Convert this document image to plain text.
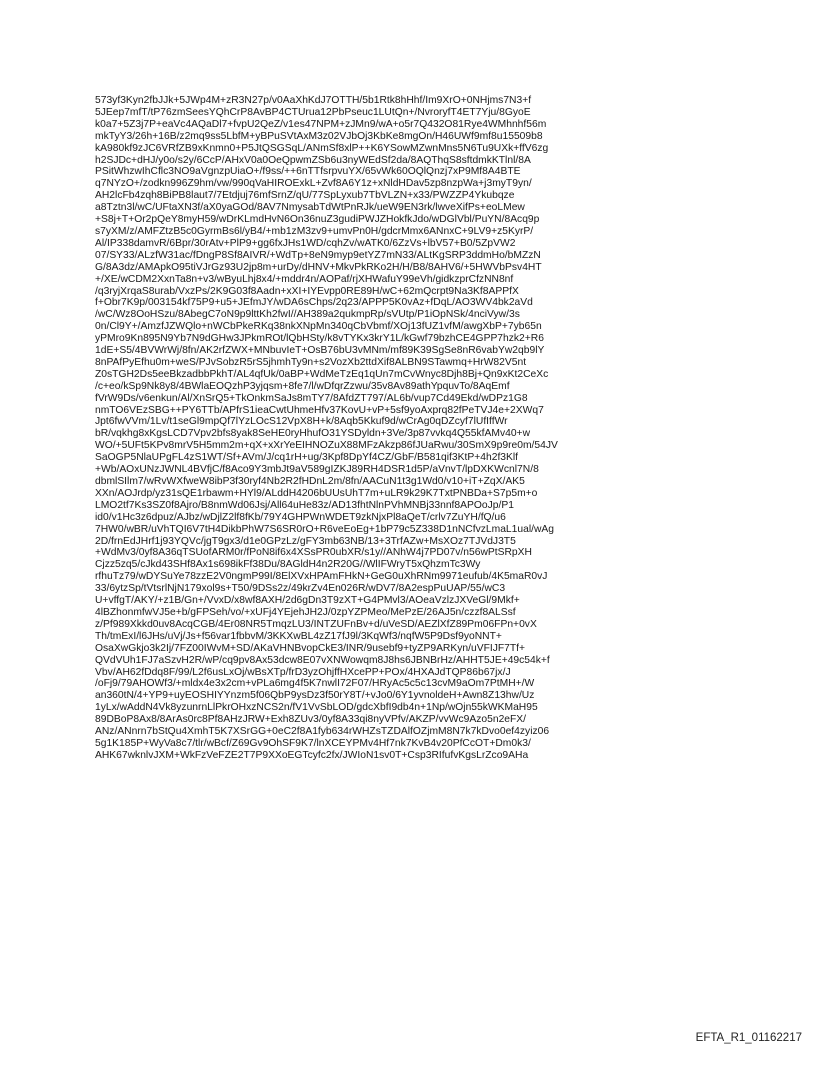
573yf3Kyn2fbJJk+5JWp4M+zR3N27p/v0AaXhKdJ7OTTH/5b1Rtk8hHhf/Im9XrO+0NHjms7N3+f
5JEep7mfT/tP76zmSeesYQhCrP8AvBP4CTUrua12PbPseuc1LUtQn+/NvroryfT4ET7Yju/8GyoE
k0a7+5Z3j7P+eaVc4AQaDl7+fvpU2QeZ/v1es47NPM+zJMn9/wA+o5r7Q432O81Rye4WMhnhf56m
mkTyY3/26h+16B/z2mq9ss5LbfM+yBPuSVtAxM3z02VJbOj3KbKe8mgOn/H46UWf9mf8u15509b8
kA980kf9zJC6VRfZB9xKnmn0+P5JtQSGSqL/ANmSf8xlP++K6YSowMZwnMns5N6Tu9UXk+ffV6zg
h2SJDc+dHJ/y0o/s2y/6CcP/AHxV0a0OeQpwmZSb6u3nyWEdSf2da/8AQThqS8sftdmkKTlnl/8A
PSitWhzwIhCflc3NO9aVgnzpUiaO+/f9ss/++6nTTfsrpvuYX/65vWk60OQlQnzj7xP9Mf8A4BTE
q7NYzO+/zodkn996Z9hm/vw/990qVaHIROExkL+Zvf8A6Y1z+xNldHDav5zp8nzpWa+j3myT9yn/
AH2lcFb4zqh8BiPB8laut7/7Etdjuj76mfSrnZ/qU/77SpLyxub7TbVLZN+x33/PWZZP4Ykubqze
a8Tztn3l/wC/UFtaXN3f/aX0yaGOd/8AV7NmysabTdWtPnRJk/ueW9EN3rk/lwveXifPs+eoLMew
+S8j+T+Or2pQeY8myH59/wDrKLmdHvN6On36nuZ3gudiPWJZHokfkJdo/wDGlVbl/PuYN/8Acq9p
s7yXM/z/AMFZtzB5c0GyrmBs6l/yB4/+mb1zM3zv9+umvPn0H/gdcrMmx6ANnxC+9LV9+z5KyrP/
Al/IP338damvR/6Bpr/30rAtv+PlP9+gg6fxJHs1WD/cqhZv/wATK0/6ZzVs+lbV57+B0/5ZpVW2
07/SY33/ALzfW31ac/fDngP8Sf8AIVR/+WdTp+8eN9myp9etYZ7mN33/ALtKgSRP3ddmHo/bMZzN
G/8A3dz/AMApkO95tiVJrGz93U2jp8m+urDy/dHNV+MkvPkRKo2H/H/B8/8AHV6/+5HWVbPsv4HT
+/XE/wCDM2XxnTa8n+v3/wByuLhj8x4/+mddr4n/AOPaf/rjXHWafuY99eVh/gidkzprCfzNN8nf
/q3ryjXrqaS8urab/VxzPs/2K9G03f8Aadn+xXI+IYEvpp0RE89H/wC+62mQcrpt9Na3Kf8APPfX
f+Obr7K9p/003154kf75P9+u5+JEfmJY/wDA6sChps/2q23/APPP5K0vAz+fDqL/AO3WV4bk2aVd
/wC/Wz8OoHSzu/8AbegC7oN9p9lttKh2fwI//AH389a2qukmpRp/sVUtp/P1iOpNSk/4nciVyw/3s
0n/Cl9Y+/AmzfJZWQlo+nWCbPkeRKq38nkXNpMn340qCbVbmf/XOj13fUZ1vfM/awgXbP+7yb65n
yPMro9Kn895N9Yb7N9dGHw3JPkmROt/lQbHSty/k8vTYKx3krY1L/kGwf79bzhCE4GPP7hzk2+R6
1dE+S5/4BVWrWj/8fn/AK2rfZWX+MNbuvIeT+OsB76bU3vMNm/mf89K39SgSe8nR6vabYw2qb9lY
8nPAfPyEfhu0m+weS/PJvSobzR5rS5jhmhTy9n+s2VozXb2ttdXif8ALBN9STawmq+HrW82V5nt
Z0sTGH2Ds5eeBkzadbbPkhT/AL4qfUk/0aBP+WdMeTzEq1qUn7mCvWnyc8Djh8Bj+Qn9xKt2CeXc
/c+eo/kSp9Nk8y8/4BWlaEOQzhP3yjqsm+8fe7/l/wDfqrZzwu/35v8Av89athYpquvTo/8AqEmf
fVrW9Ds/v6enkun/Al/XnSrQ5+TkOnkmSaJs8mTY7/8AfdZT797/AL6b/vup7Cd49Ekd/wDPz1G8
nmTO6VEzSBG++PY6TTb/APfrS1ieaCwtUhmeHfv37KovU+vP+5sf9yoAxprq82fPeTVJ4e+2XWq7
Jpt6fwVVm/1Lv/t1seGl9mpQf7lYzLOcS12VpX8H+k/8Aqb5Kkuf9d/wCrAg0qDZcyf7lUfIffWr
bR/vqkhg8xKgsLCD7Vpv2bfs8yak8SeHE0ryHhufO31YSDyldn+3Ve/3p87vvkq4Q55kfAMv40+w
WO/+5UFt5KPv8mrV5H5mm2m+qX+xXrYeEIHNOZuX88MFzAkzp86fJUaRwu/30SmX9p9re0m/54JV
SaOGP5NlaUPgFL4zS1WT/Sf+AVm/J/cq1rH+ug/3Kpf8DpYf4CZ/GbF/B581qif3KtP+4h2f3Klf
+Wb/AOxUNzJWNL4BVfjC/f8Aco9Y3mbJt9aV589gIZKJ89RH4DSR1d5P/aVnvT/lpDXKWcnl7N/8
dbmlSIlm7/wRvWXfweW8ibP3f30ryf4Nb2R2fHDnL2m/8fn/AACuN1t3g1Wd0/v10+iT+ZqX/AK5
XXn/AOJrdp/yz31sQE1rbawm+HYl9/ALddH4206bUUsUhT7m+uLR9k29K7TxtPNBDa+S7p5m+o
LMO2tf7Ks3SZ0f8Ajro/B8nmWd06Jsj/All64uHe83z/AD13fhtNlnPVhMNBj33nnf8APOoJp/P1
id0/v1Hc3z6dpuz/AJbz/wDjlZ2lf8fKb/79Y4GHPWnWDET9zkNjxPl8aQeT/crlv7ZuYH/fQ/u6
7HW0/wBR/uVhTQI6V7tH4DikbPhW7S6SR0rO+R6veEoEg+1bP79c5Z338D1nNCfvzLmaL1ual/wAg
2D/frnEdJHrf1j93YQVc/jgT9gx3/d1e0GPzLz/gFY3mb63NB/13+3TrfAZw+MsXOz7TJVdJ3T5
+WdMv3/0yf8A36qTSUofARM0r/fPoN8if6x4XSsPR0ubXR/s1y//ANhW4j7PD07v/n56wPtSRpXH
Cjzz5zq5/cJkd43SHf8Ax1s698ikFf38Du/8AGldH4n2R20G//WlIFWryT5xQhzmTc3Wy
rfhuTz79/wDYSuYe78zzE2V0ngmP99I/8ElXVxHPAmFHkN+GeG0uXhRNm9971eufub/4K5maR0vJ
33/6ytzSp/tVtsrlNjN179xol9s+T50/9DSs2z/49krZv4En026R/wDV7/8A2espPuUAP/55/wC3
U+vffgT/AKY/+z1B/Gn+/VvxD/x8wf8AXH/2d6gDn3T9zXT+G4PMvl3/AOeaVzlzJXVeGl/9Mkf+
4lBZhonmfwVJ5e+b/gFPSeh/vo/+xUFj4YEjehJH2J/0zpYZPMeo/MePzE/26AJ5n/czzf8ALSsf
z/Pf989Xkkd0uv8AcqCGB/4Er08NR5TmqzLU3/INTZUFnBv+d/uVeSD/AEZlXfZ89Pm06FPn+0vX
Th/tmExI/l6JHs/uVj/Js+f56var1fbbvM/3KKXwBL4zZ17fJ9l/3KqWf3/nqfW5P9Dsf9yoNNT+
OsaXwGkjo3k2Ij/7FZ00IWvM+SD/AKaVHNBvopCkE3/INR/9usebf9+tyZP9ARKyn/uVFIJF7Tf+
QVdVUh1FJ7aSzvH2R/wP/cq9pv8Ax53dcw8E07vXNWowqm8J8hs6JBNBrHz/AHHT5JE+49c54k+f
Vbv/AH62fDdq8F/99/L2f6usLxOj/wBsXTp/frD3yzOhjffHXcePP+POx/4HXAJdTQP86b67jx/J
/oFj9/79AHOWf3/+mldx4e3x2cm+vPLa6mg4f5K7nwlI72F07/HRyAc5c5c13cvM9aOm7PtMH+/W
an360tN/4+YP9+uyEOSHIYYnzm5f06QbP9ysDz3f50rY8T/+vJo0/6Y1yvnoldeH+Awn8Z13hw/Uz
1yLx/wAddN4Vk8yzunrnLlPkrOHxzNCS2n/fV1VvSbLOD/gdcXbfI9db4n+1Np/wOjn55kWKMaH95
89DBoP8Ax8/8ArAs0rc8Pf8AHzJRW+Exh8ZUv3/0yf8A33qi8nyVPfv/AKZP/vvWc9Azo5n2eFX/
ANz/ANnrn7bStQu4XmhT5K7XSrGG+0eC2f8A1fyb634rWHZsTZDAlfOZjmM8N7k7kDvo0ef4zyiz06
5g1K185P+WyVa8c7/tlr/wBcf/Z69Gv9OhSF9K7/lnXCEYPMv4Hf7nk7KvB4v20PfCcOT+Dm0k3/
AHK67wknlvJXM+WkFzVeFZE2T7P9XXoEGTcyfc2fx/JWIoN1sv0T+Csp3RIfufvKgsLrZco9AHa
EFTA_R1_01162217
